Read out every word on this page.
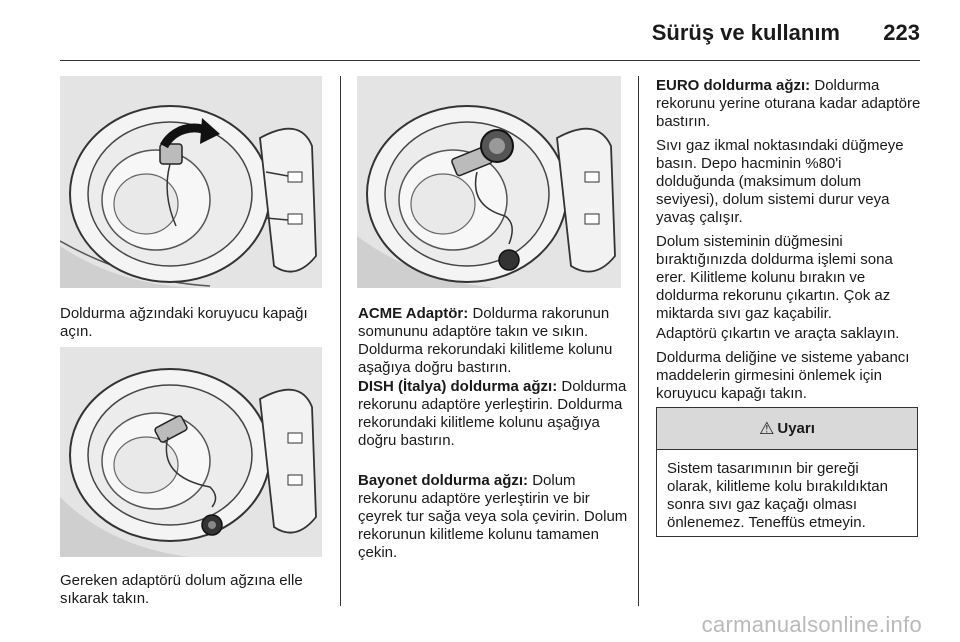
Sürüş ve kullanım 223

Doldurma ağzındaki koruyucu kapağı açın.

Gereken adaptörü dolum ağzına elle sıkarak takın.

ACME Adaptör: Doldurma rakorunun somununu adaptöre takın ve sıkın. Doldurma rekorundaki kilitleme kolunu aşağıya doğru bastırın.

DISH (İtalya) doldurma ağzı: Doldurma rekorunu adaptöre yerleştirin. Doldurma rekorundaki kilitleme kolunu aşağıya doğru bastırın.

Bayonet doldurma ağzı: Dolum rekorunu adaptöre yerleştirin ve bir çeyrek tur sağa veya sola çevirin. Dolum rekorunun kilitleme kolunu tamamen çekin.

EURO doldurma ağzı: Doldurma rekorunu yerine oturana kadar adaptöre bastırın.

Sıvı gaz ikmal noktasındaki düğmeye basın. Depo hacminin %80'i dolduğunda (maksimum dolum seviyesi), dolum sistemi durur veya yavaş çalışır.

Dolum sisteminin düğmesini bıraktığınızda doldurma işlemi sona erer. Kilitleme kolunu bırakın ve doldurma rekorunu çıkartın. Çok az miktarda sıvı gaz kaçabilir.

Adaptörü çıkartın ve araçta saklayın.

Doldurma deliğine ve sisteme yabancı maddelerin girmesini önlemek için koruyucu kapağı takın.

⚠ Uyarı
Sistem tasarımının bir gereği olarak, kilitleme kolu bırakıldıktan sonra sıvı gaz kaçağı olması önlenemez. Teneffüs etmeyin.
carmanualsonline.info
